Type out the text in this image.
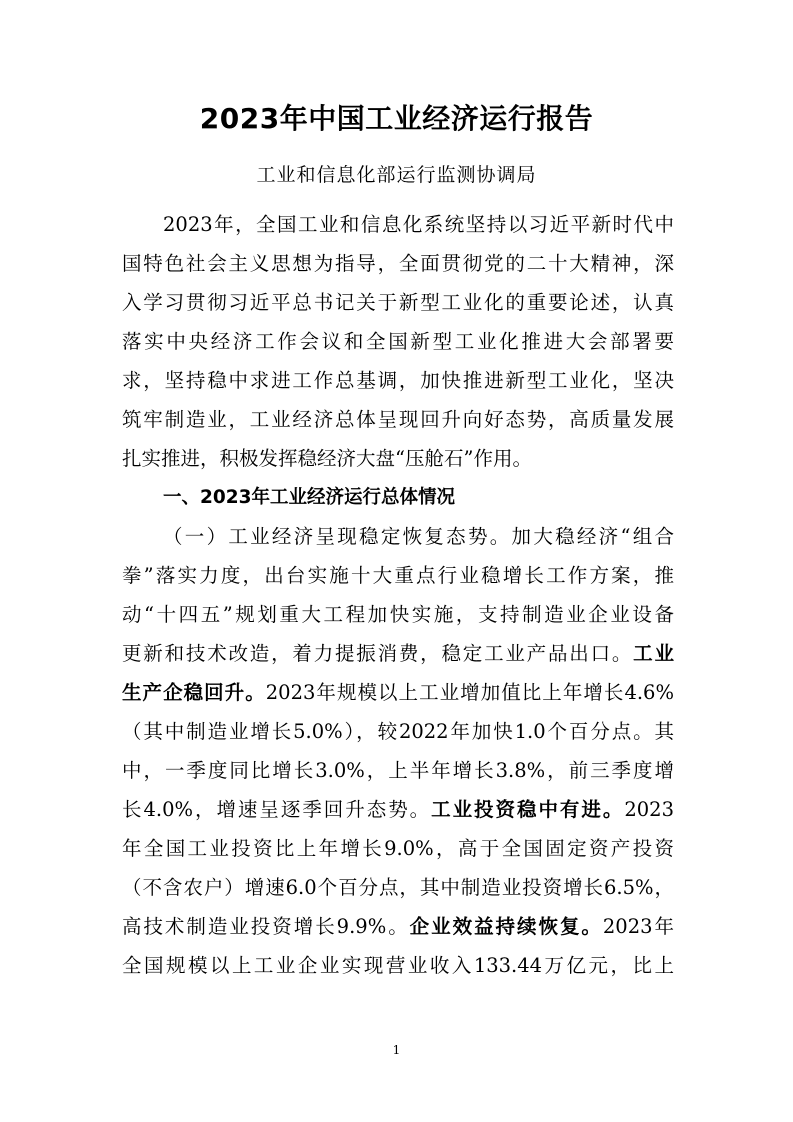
2023年中国工业经济运行报告
工业和信息化部运行监测协调局
2023年，全国工业和信息化系统坚持以习近平新时代中
国特色社会主义思想为指导，全面贯彻党的二十大精神，深
入学习贯彻习近平总书记关于新型工业化的重要论述，认真
落实中央经济工作会议和全国新型工业化推进大会部署要
求，坚持稳中求进工作总基调，加快推进新型工业化，坚决
筑牢制造业，工业经济总体呈现回升向好态势，高质量发展
扎实推进，积极发挥稳经济大盘“压舱石”作用。
一、2023年工业经济运行总体情况
（一）工业经济呈现稳定恢复态势。加大稳经济“组合
拳”落实力度，出台实施十大重点行业稳增长工作方案，推
动“十四五”规划重大工程加快实施，支持制造业企业设备
更新和技术改造，着力提振消费，稳定工业产品出口。工业
生产企稳回升。2023年规模以上工业增加值比上年增长4.6%
（其中制造业增长5.0%），较2022年加快1.0个百分点。其
中，一季度同比增长3.0%，上半年增长3.8%，前三季度增
长4.0%，增速呈逐季回升态势。工业投资稳中有进。2023
年全国工业投资比上年增长9.0%，高于全国固定资产投资
（不含农户）增速6.0个百分点，其中制造业投资增长6.5%，
高技术制造业投资增长9.9%。企业效益持续恢复。2023年
全国规模以上工业企业实现营业收入133.44万亿元，比上
1
